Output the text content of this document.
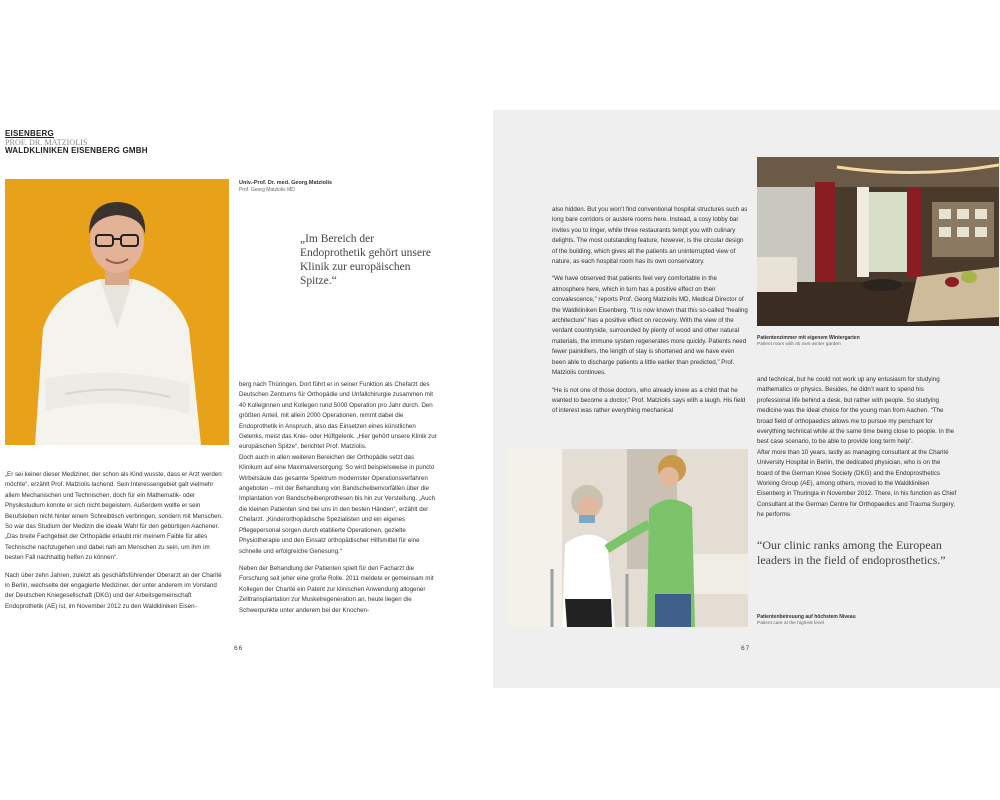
EISENBERG
PROF. DR. MATZIOLIS
WALDKLINIKEN EISENBERG GMBH
Univ.-Prof. Dr. med. Georg Matziolis
Prof. Georg Matziolis MD
„Im Bereich der Endoprothetik gehört unsere Klinik zur europäischen Spitze.“

„Er sei keiner dieser Mediziner, der schon als Kind wusste, dass er Arzt werden möchte“, erzählt Prof. Matziolis lachend. Sein Interessengebiet galt vielmehr allem Mechanischen und Technischen, doch für ein Mathematik- oder Physikstudium konnte er sich nicht begeistern. Außerdem wollte er sein Berufsleben nicht hinter einem Schreibtisch verbringen, sondern mit Menschen. So war das Studium der Medizin die ideale Wahl für den gebürtigen Aachener. „Das breite Fachgebiet der Orthopädie erlaubt mir meinem Faible für alles Technische nachzugehen und dabei nah am Menschen zu sein, um ihm im besten Fall nachhaltig helfen zu können“.

Nach über zehn Jahren, zuletzt als geschäftsführender Oberarzt an der Charité in Berlin, wechselte der engagierte Mediziner, der unter anderem im Vorstand der Deutschen Kniegesellschaft (DKG) und der Arbeitsgemeinschaft Endoprothetik (AE) ist, im November 2012 zu den Waldkliniken Eisen-

berg nach Thüringen. Dort führt er in seiner Funktion als Chefarzt des Deutschen Zentrums für Orthopädie und Unfallchirurgie zusammen mit 40 Kolleginnen und Kollegen rund 5000 Operation pro Jahr durch. Den größten Anteil, mit allein 2000 Operationen, nimmt dabei die Endoprothetik in Anspruch, also das Einsetzen eines künstlichen Gelenks, meist das Knie- oder Hüftgelenk. „Hier gehört unsere Klinik zur europäischen Spitze“, berichtet Prof. Matziolis.

Doch auch in allen weiteren Bereichen der Orthopädie setzt das Klinikum auf eine Maximalversorgung: So wird beispielsweise in puncto Wirbelsäule das gesamte Spektrum modernster Operationsverfahren angeboten – mit der Behandlung von Bandscheibenvorfällen über die Implantation von Bandscheibenprothesen bis hin zur Versteifung. „Auch die kleinen Patienten sind bei uns in den besten Händen“, erzählt der Chefarzt. „Kinderorthopädische Spezialisten und ein eigenes Pflegepersonal sorgen durch etablierte Operationen, gezielte Physiotherapie und den Einsatz orthopädischer Hilfsmittel für eine schnelle und erfolgreiche Genesung.“

Neben der Behandlung der Patienten spielt für den Facharzt die Forschung seit jeher eine große Rolle. 2011 meldete er gemeinsam mit Kollegen der Charité ein Patent zur klinischen Anwendung allogener Zelltransplantation zur Muskelregeneration an, heute liegen die Schwerpunkte unter anderem bei der Knochen-

66

also hidden. But you won’t find conventional hospital structures such as long bare corridors or austere rooms here. Instead, a cosy lobby bar invites you to linger, while three restaurants tempt you with culinary delights. The most outstanding feature, however, is the circular design of the building, which gives all the patients an uninterrupted view of nature, as each hospital room has its own conservatory.

“We have observed that patients feel very comfortable in the atmosphere here, which in turn has a positive effect on their convalescence,” reports Prof. Georg Matziolis MD, Medical Director of the Waldkliniken Eisenberg. “It is now known that this so-called “healing architecture” has a positive effect on recovery. With the view of the verdant countryside, surrounded by plenty of wood and other natural materials, the immune system regenerates more quickly. Patients need fewer painkillers, the length of stay is shortened and we have even been able to discharge patients a little earlier than predicted,” Prof. Matziolis continues.

“He is not one of those doctors, who already knew as a child that he wanted to become a doctor,” Prof. Matziolis says with a laugh. His field of interest was rather everything mechanical

Patientenzimmer mit eigenem Wintergarten
Patient room with its own winter garden

and technical, but he could not work up any entusiasm for studying mathematics or physics. Besides, he didn’t want to spend his professional life behind a desk, but rather with people. So studying medicine was the ideal choice for the young man from Aachen. “The broad field of orthopaedics allows me to pursue my penchant for everything technical while at the same time being close to people. In the best case scenario, to be able to provide long term help”.

After more than 10 years, lastly as managing consultant at the Charité University Hospital in Berlin, the dedicated physician, who is on the board of the German Knee Society (DKG) and the Endoprosthetics Working Group (AE), among others, moved to the Waldkliniken Eisenberg in Thuringia in November 2012. There, in his function as Chief Consultant at the German Centre for Orthopaedics and Trauma Surgery, he performs

“Our clinic ranks among the European leaders in the field of endoprosthetics.”
Patientenbetreuung auf höchstem Niveau
Patient care at the highest level
67
